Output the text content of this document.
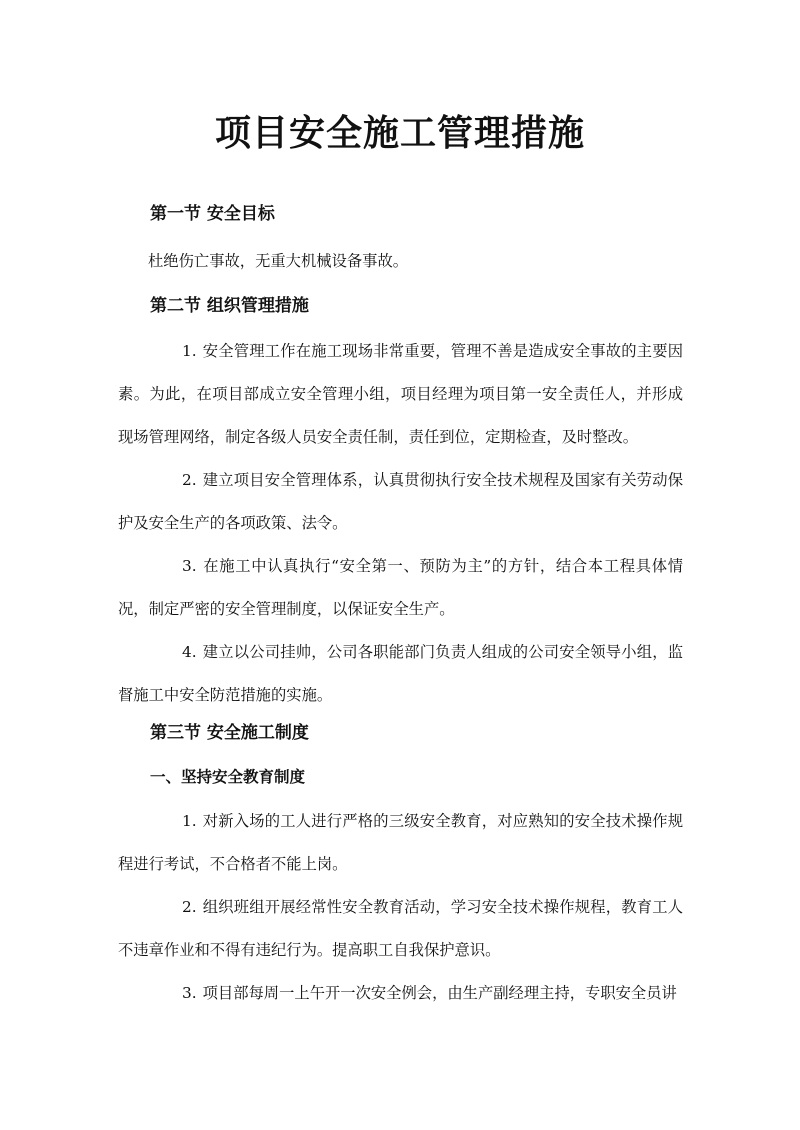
项目安全施工管理措施
第一节 安全目标

杜绝伤亡事故，无重大机械设备事故。

第二节 组织管理措施

1. 安全管理工作在施工现场非常重要，管理不善是造成安全事故的主要因素。为此，在项目部成立安全管理小组，项目经理为项目第一安全责任人，并形成现场管理网络，制定各级人员安全责任制，责任到位，定期检查，及时整改。

2. 建立项目安全管理体系，认真贯彻执行安全技术规程及国家有关劳动保护及安全生产的各项政策、法令。

3. 在施工中认真执行“安全第一、预防为主”的方针，结合本工程具体情况，制定严密的安全管理制度，以保证安全生产。

4. 建立以公司挂帅，公司各职能部门负责人组成的公司安全领导小组，监督施工中安全防范措施的实施。

第三节 安全施工制度
一、坚持安全教育制度

1. 对新入场的工人进行严格的三级安全教育，对应熟知的安全技术操作规程进行考试，不合格者不能上岗。

2. 组织班组开展经常性安全教育活动，学习安全技术操作规程，教育工人不违章作业和不得有违纪行为。提高职工自我保护意识。

3. 项目部每周一上午开一次安全例会，由生产副经理主持，专职安全员讲
